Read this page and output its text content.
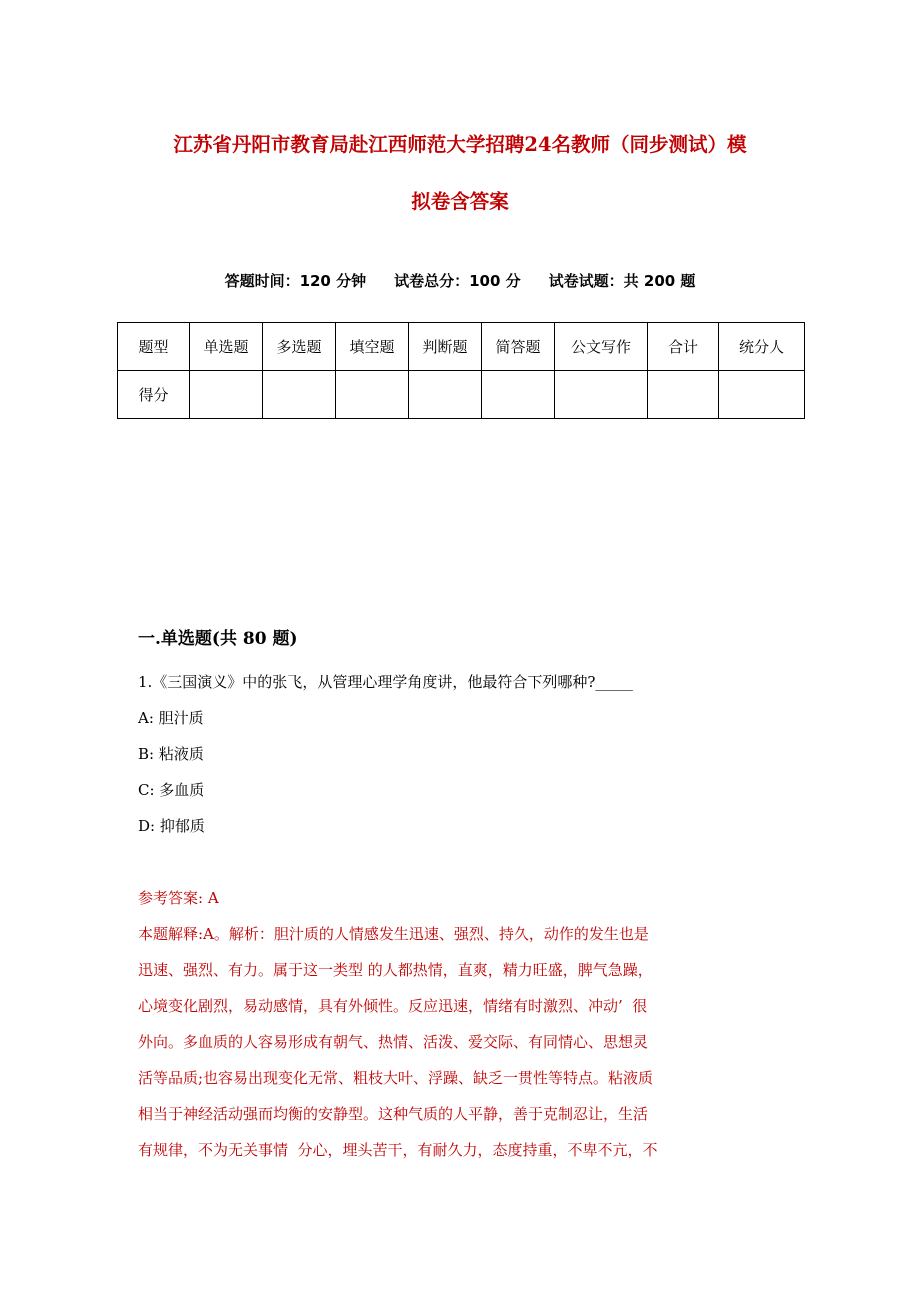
江苏省丹阳市教育局赴江西师范大学招聘24名教师（同步测试）模
拟卷含答案
答题时间：120 分钟 试卷总分：100 分 试卷试题：共 200 题
题型	单选题	多选题	填空题	判断题	简答题	公文写作	合计	统分人
得分								
一.单选题(共 80 题)

1.《三国演义》中的张飞，从管理心理学角度讲，他最符合下列哪种?_____

A: 胆汁质

B: 粘液质

C: 多血质

D: 抑郁质

参考答案: A

本题解释:A。解析：胆汁质的人情感发生迅速、强烈、持久，动作的发生也是

迅速、强烈、有力。属于这一类型 的人都热情，直爽，精力旺盛，脾气急躁，

心境变化剧烈，易动感情，具有外倾性。反应迅速，情绪有时激烈、冲动’  很

外向。多血质的人容易形成有朝气、热情、活泼、爱交际、有同情心、思想灵

活等品质;也容易出现变化无常、粗枝大叶、浮躁、缺乏一贯性等特点。粘液质

相当于神经活动强而均衡的安静型。这种气质的人平静，善于克制忍让，生活

有规律，不为无关事情  分心，埋头苦干，有耐久力，态度持重，不卑不亢，不
